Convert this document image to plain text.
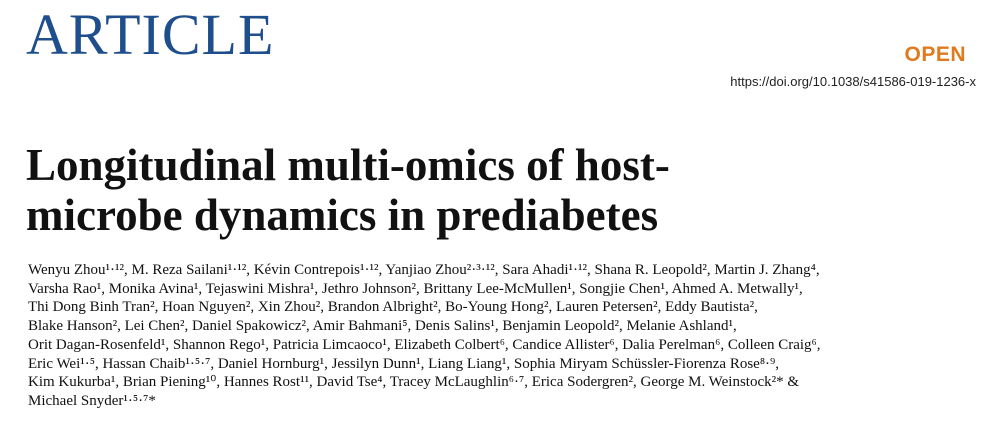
ARTICLE	OPEN
https://doi.org/10.1038/s41586-019-1236-x
Longitudinal multi-omics of host-
microbe dynamics in prediabetes
Wenyu Zhou¹·¹², M. Reza Sailani¹·¹², Kévin Contrepois¹·¹², Yanjiao Zhou²·³·¹², Sara Ahadi¹·¹², Shana R. Leopold², Martin J. Zhang⁴,
Varsha Rao¹, Monika Avina¹, Tejaswini Mishra¹, Jethro Johnson², Brittany Lee-McMullen¹, Songjie Chen¹, Ahmed A. Metwally¹,
Thi Dong Binh Tran², Hoan Nguyen², Xin Zhou², Brandon Albright², Bo-Young Hong², Lauren Petersen², Eddy Bautista²,
Blake Hanson², Lei Chen², Daniel Spakowicz², Amir Bahmani⁵, Denis Salins¹, Benjamin Leopold², Melanie Ashland¹,
Orit Dagan-Rosenfeld¹, Shannon Rego¹, Patricia Limcaoco¹, Elizabeth Colbert⁶, Candice Allister⁶, Dalia Perelman⁶, Colleen Craig⁶,
Eric Wei¹·⁵, Hassan Chaib¹·⁵·⁷, Daniel Hornburg¹, Jessilyn Dunn¹, Liang Liang¹, Sophia Miryam Schüssler-Fiorenza Rose⁸·⁹,
Kim Kukurba¹, Brian Piening¹⁰, Hannes Rost¹¹, David Tse⁴, Tracey McLaughlin⁶·⁷, Erica Sodergren², George M. Weinstock²* &
Michael Snyder¹·⁵·⁷*
